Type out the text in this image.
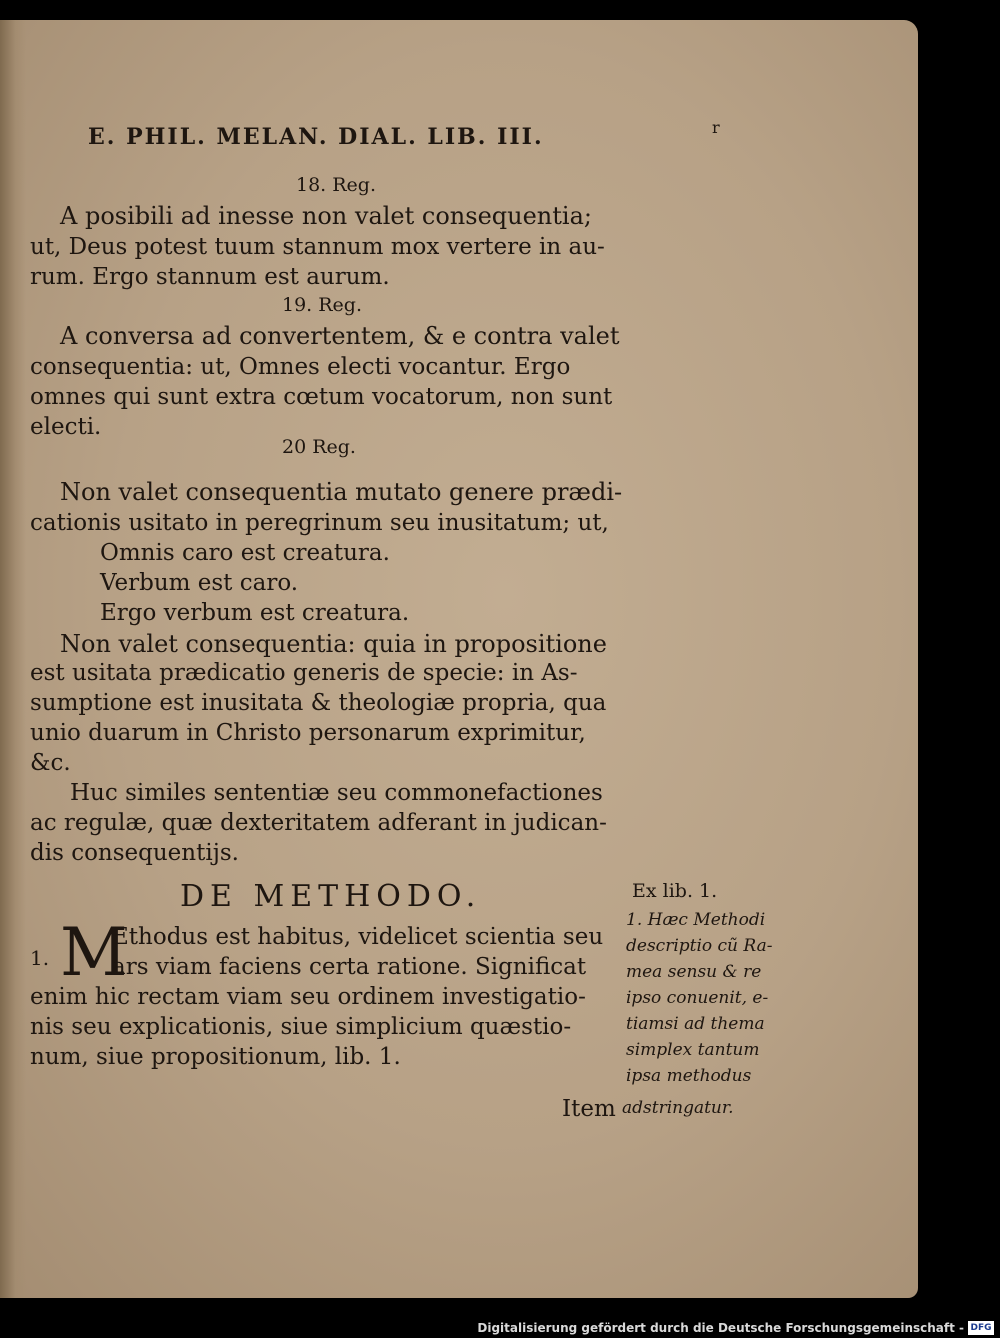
E. PHIL. MELAN. DIAL. LIB. III.	r
18. Reg.
A posibili ad inesse non valet consequentia;
ut, Deus potest tuum stannum mox vertere in au-
rum. Ergo stannum est aurum.
19. Reg.
A conversa ad convertentem, & e contra valet
consequentia: ut, Omnes electi vocantur. Ergo
omnes qui sunt extra cœtum vocatorum, non sunt
electi.
20 Reg.
Non valet consequentia mutato genere prædi-
cationis usitato in peregrinum seu inusitatum; ut,
Omnis caro est creatura.
Verbum est caro.
Ergo verbum est creatura.
Non valet consequentia: quia in propositione
est usitata prædicatio generis de specie: in As-
sumptione est inusitata & theologiæ propria, qua
unio duarum in Christo personarum exprimitur,
&c.
Huc similes sententiæ seu commonefactiones
ac regulæ, quæ dexteritatem adferant in judican-
dis consequentijs.
DE METHODO.
1. M
Ethodus est habitus, videlicet scientia seu
ars viam faciens certa ratione. Significat
enim hic rectam viam seu ordinem investigatio-
nis seu explicationis, siue simplicium quæstio-
num, siue propositionum, lib. 1.
Ex lib. 1.
1. Hæc Methodi
descriptio cũ Ra-
mea sensu & re
ipso conuenit, e-
tiamsi ad thema
simplex tantum
ipsa methodus
Item adstringatur.
Digitalisierung gefördert durch die Deutsche Forschungsgemeinschaft - DFG
